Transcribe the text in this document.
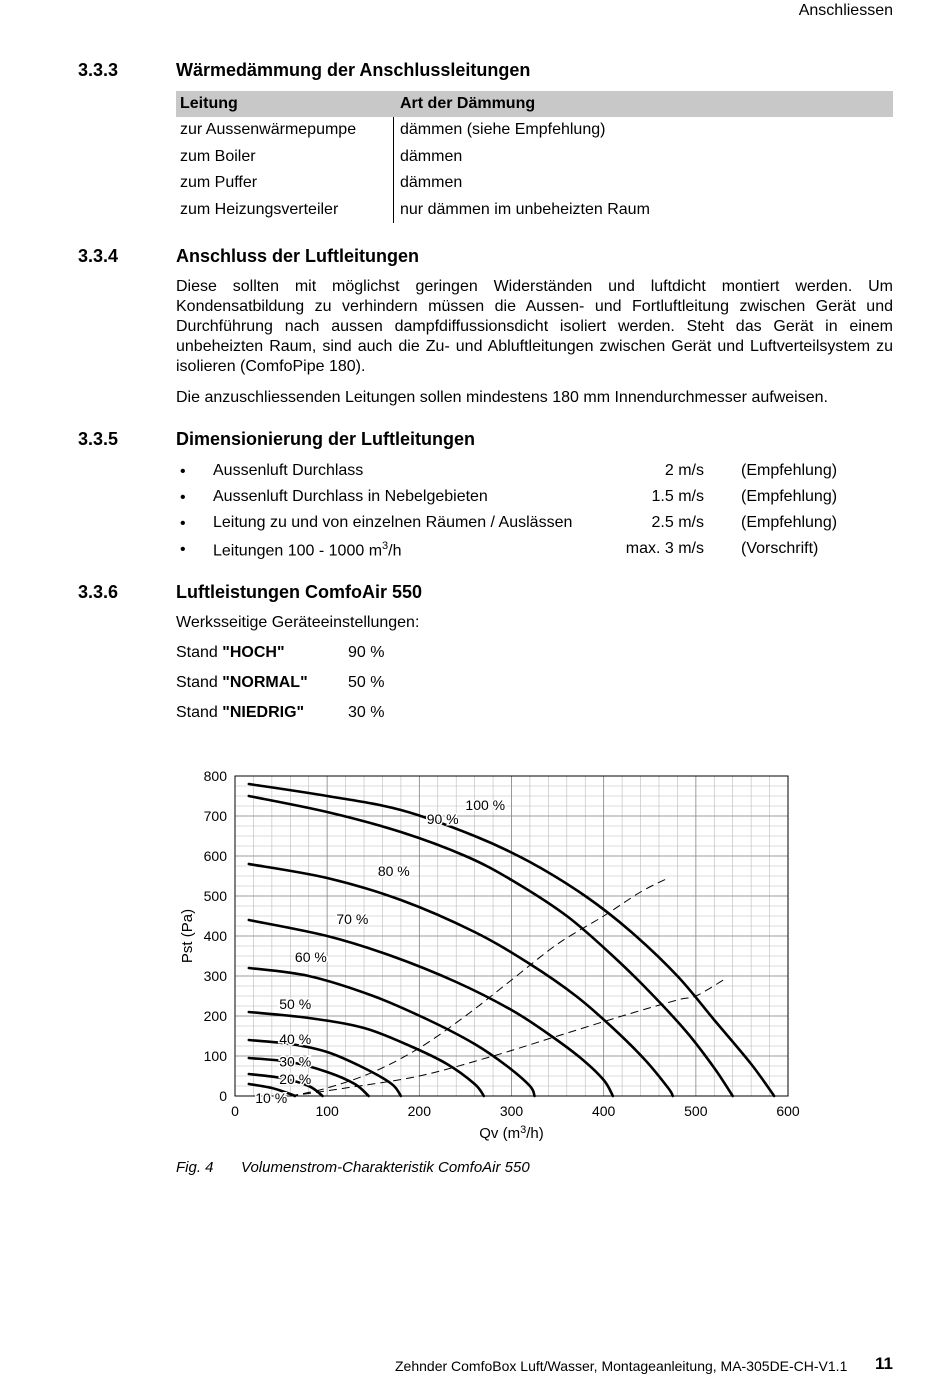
Anschliessen
3.3.3	Wärmedämmung der Anschlussleitungen
Leitung	Art der Dämmung
zur Aussenwärmepumpe	dämmen (siehe Empfehlung)
zum Boiler	dämmen
zum Puffer	dämmen
zum Heizungsverteiler	nur dämmen im unbeheizten Raum
3.3.4	Anschluss der Luftleitungen
Diese sollten mit möglichst geringen Widerständen und luftdicht montiert werden. Um Kondensatbildung zu verhindern müssen die Aussen- und Fortluftleitung zwischen Gerät und Durchführung nach aussen dampfdiffussionsdicht isoliert werden. Steht das Gerät in einem unbeheizten Raum, sind auch die Zu- und Abluftleitungen zwischen Gerät und Luftverteilsystem zu isolieren (ComfoPipe 180).
Die anzuschliessenden Leitungen sollen mindestens 180 mm Innendurchmesser aufweisen.
3.3.5	Dimensionierung der Luftleitungen
• Aussenluft Durchlass	2 m/s (Empfehlung)
• Aussenluft Durchlass in Nebelgebieten	1.5 m/s (Empfehlung)
• Leitung zu und von einzelnen Räumen / Auslässen	2.5 m/s (Empfehlung)
• Leitungen 100 - 1000 $m^3/h$	max. 3 m/s (Vorschrift)
3.3.6	Luftleistungen ComfoAir 550
Werksseitige Geräteeinstellungen:
Stand "HOCH"	90 %
Stand "NORMAL"	50 %
Stand "NIEDRIG"	30 %
0	100	200	300	400	500	600
0
100
200
300
400
500
600
700
800
Qv $(m^3/h)$
Pst (Pa)
100 %
90 %
80 %
70 %
60 %
50 %
40 %
30 %
20 %
10 %
Fig. 4 Volumenstrom-Charakteristik ComfoAir 550
Zehnder ComfoBox Luft/Wasser, Montageanleitung, MA-305DE-CH-V1.1 11
